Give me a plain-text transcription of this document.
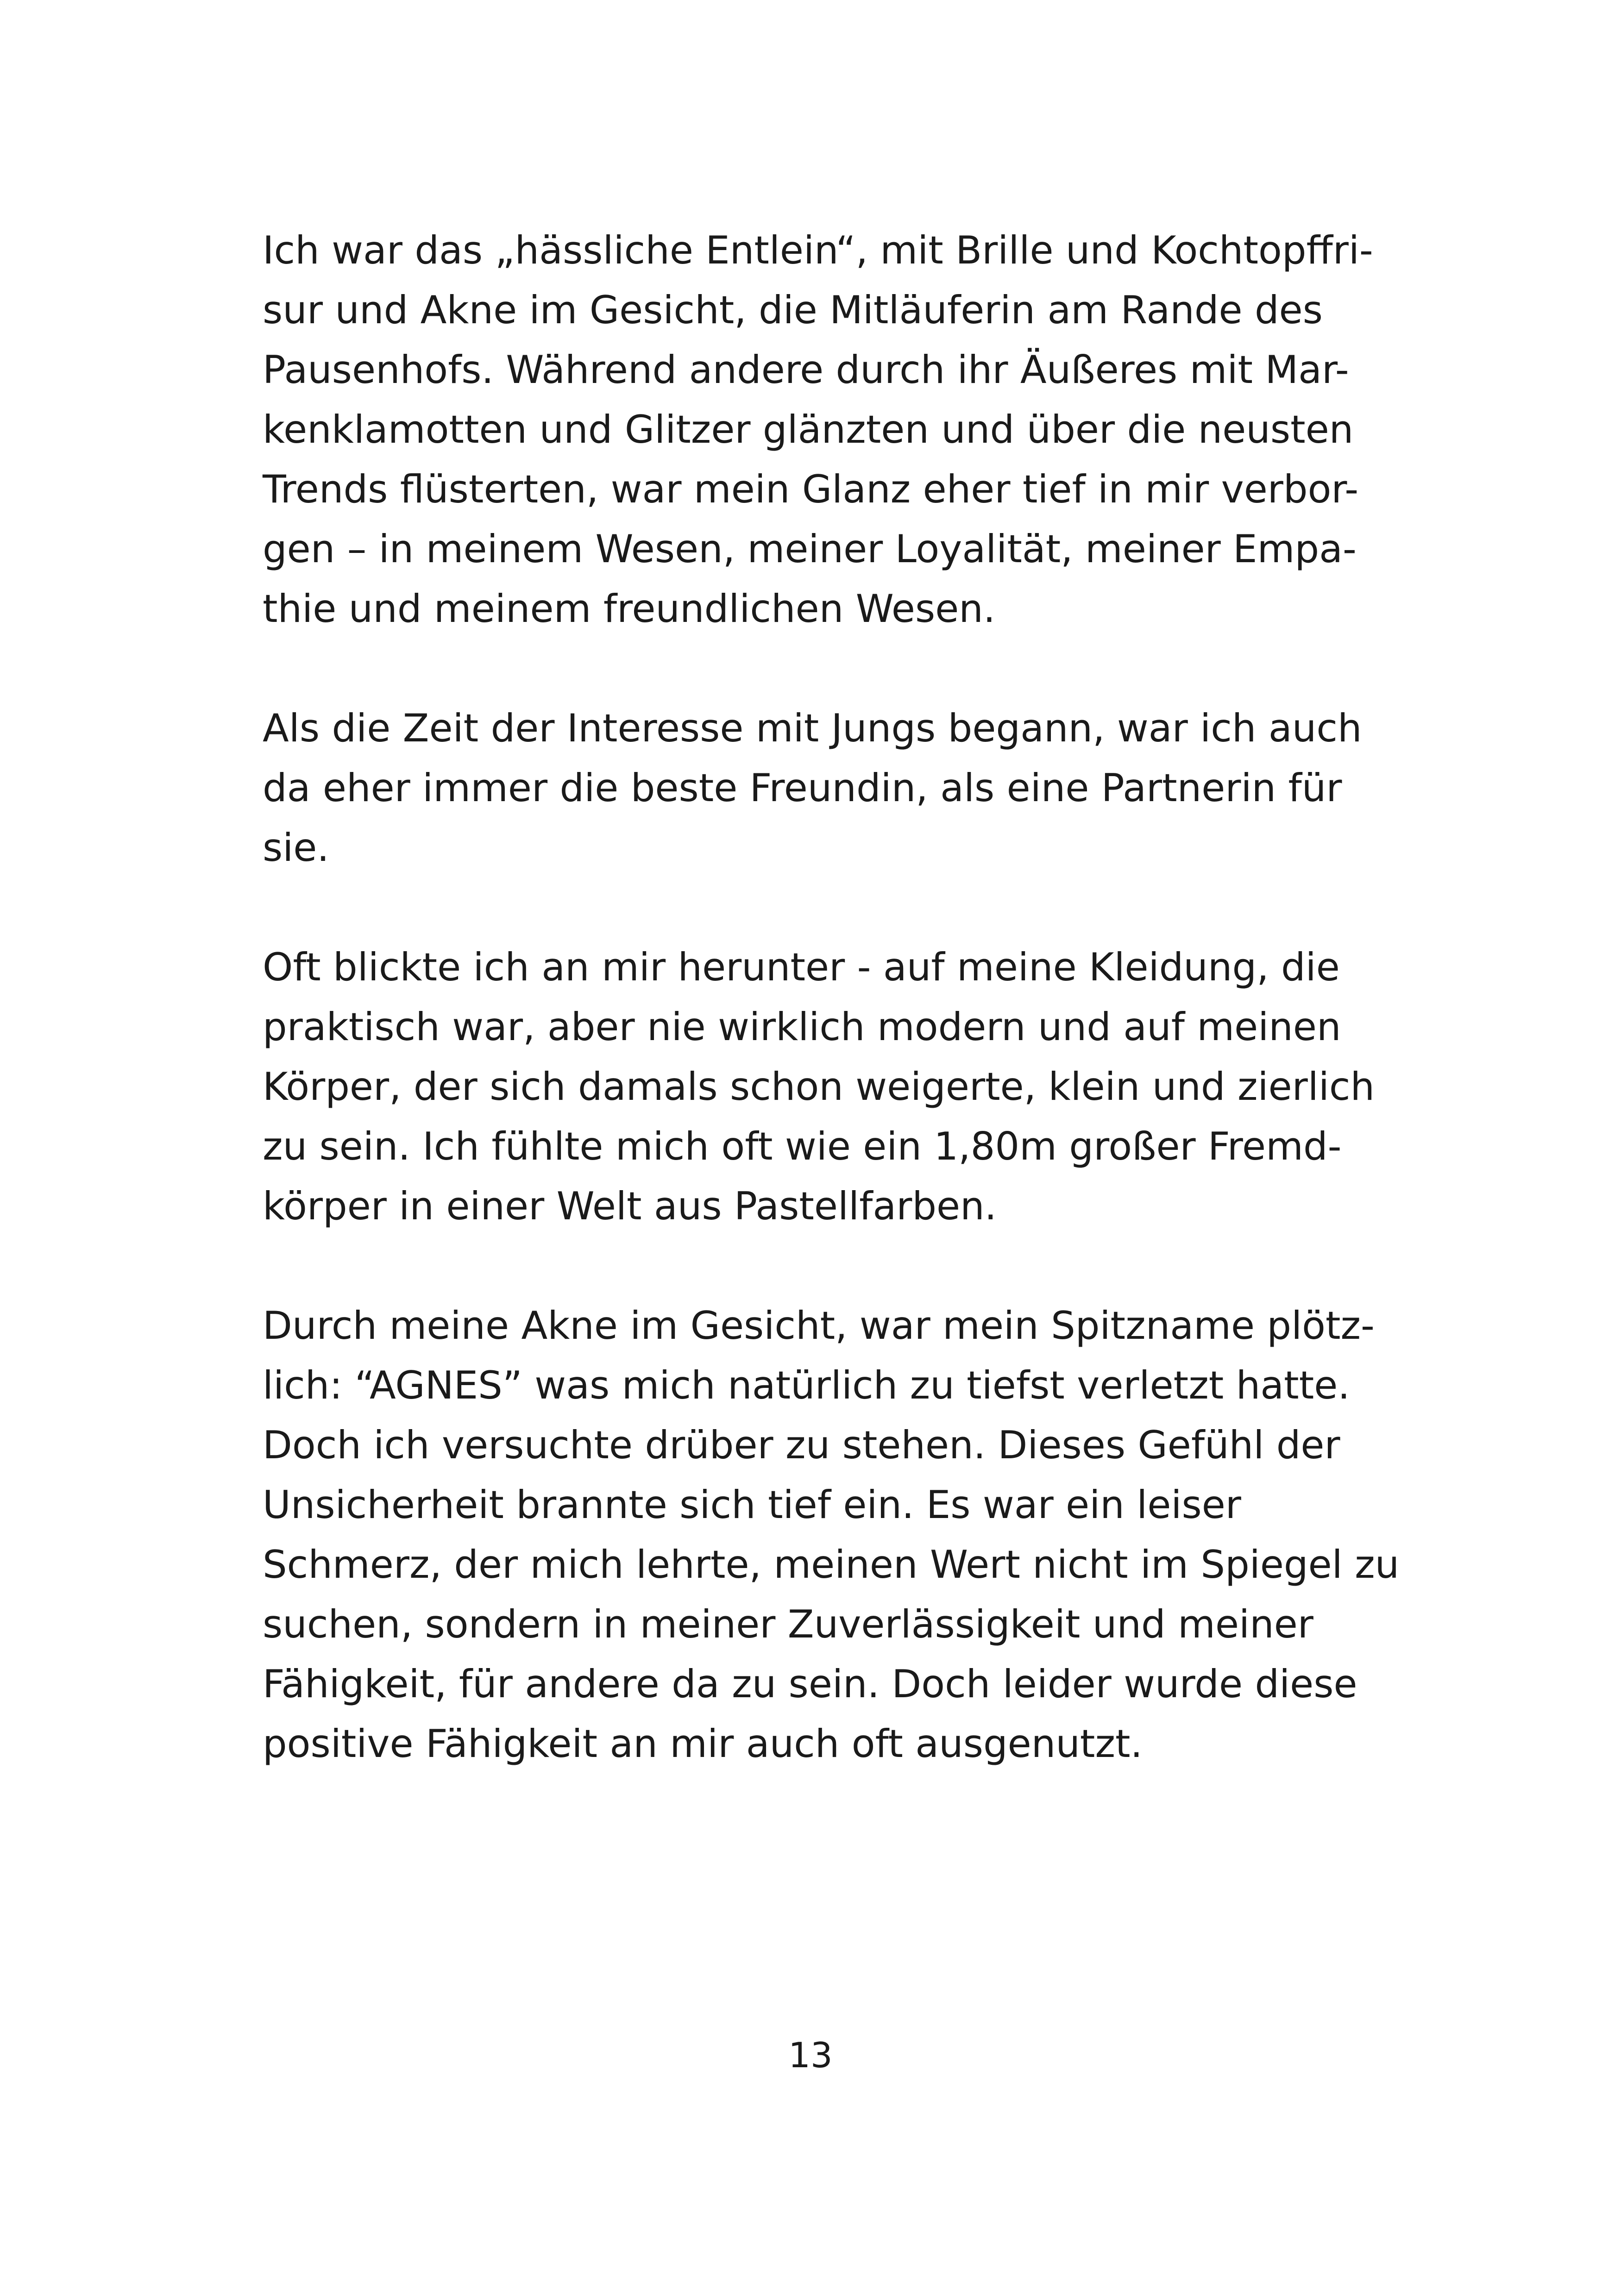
Ich war das „hässliche Entlein“, mit Brille und Kochtopffri-
sur und Akne im Gesicht, die Mitläuferin am Rande des
Pausenhofs. Während andere durch ihr Äußeres mit Mar-
kenklamotten und Glitzer glänzten und über die neusten
Trends flüsterten, war mein Glanz eher tief in mir verbor-
gen – in meinem Wesen, meiner Loyalität, meiner Empa-
thie und meinem freundlichen Wesen.

Als die Zeit der Interesse mit Jungs begann, war ich auch
da eher immer die beste Freundin, als eine Partnerin für
sie.

Oft blickte ich an mir herunter - auf meine Kleidung, die
praktisch war, aber nie wirklich modern und auf meinen
Körper, der sich damals schon weigerte, klein und zierlich
zu sein. Ich fühlte mich oft wie ein 1,80m großer Fremd-
körper in einer Welt aus Pastellfarben.

Durch meine Akne im Gesicht, war mein Spitzname plötz-
lich: “AGNES” was mich natürlich zu tiefst verletzt hatte.
Doch ich versuchte drüber zu stehen. Dieses Gefühl der
Unsicherheit brannte sich tief ein. Es war ein leiser
Schmerz, der mich lehrte, meinen Wert nicht im Spiegel zu
suchen, sondern in meiner Zuverlässigkeit und meiner
Fähigkeit, für andere da zu sein. Doch leider wurde diese
positive Fähigkeit an mir auch oft ausgenutzt.

13
